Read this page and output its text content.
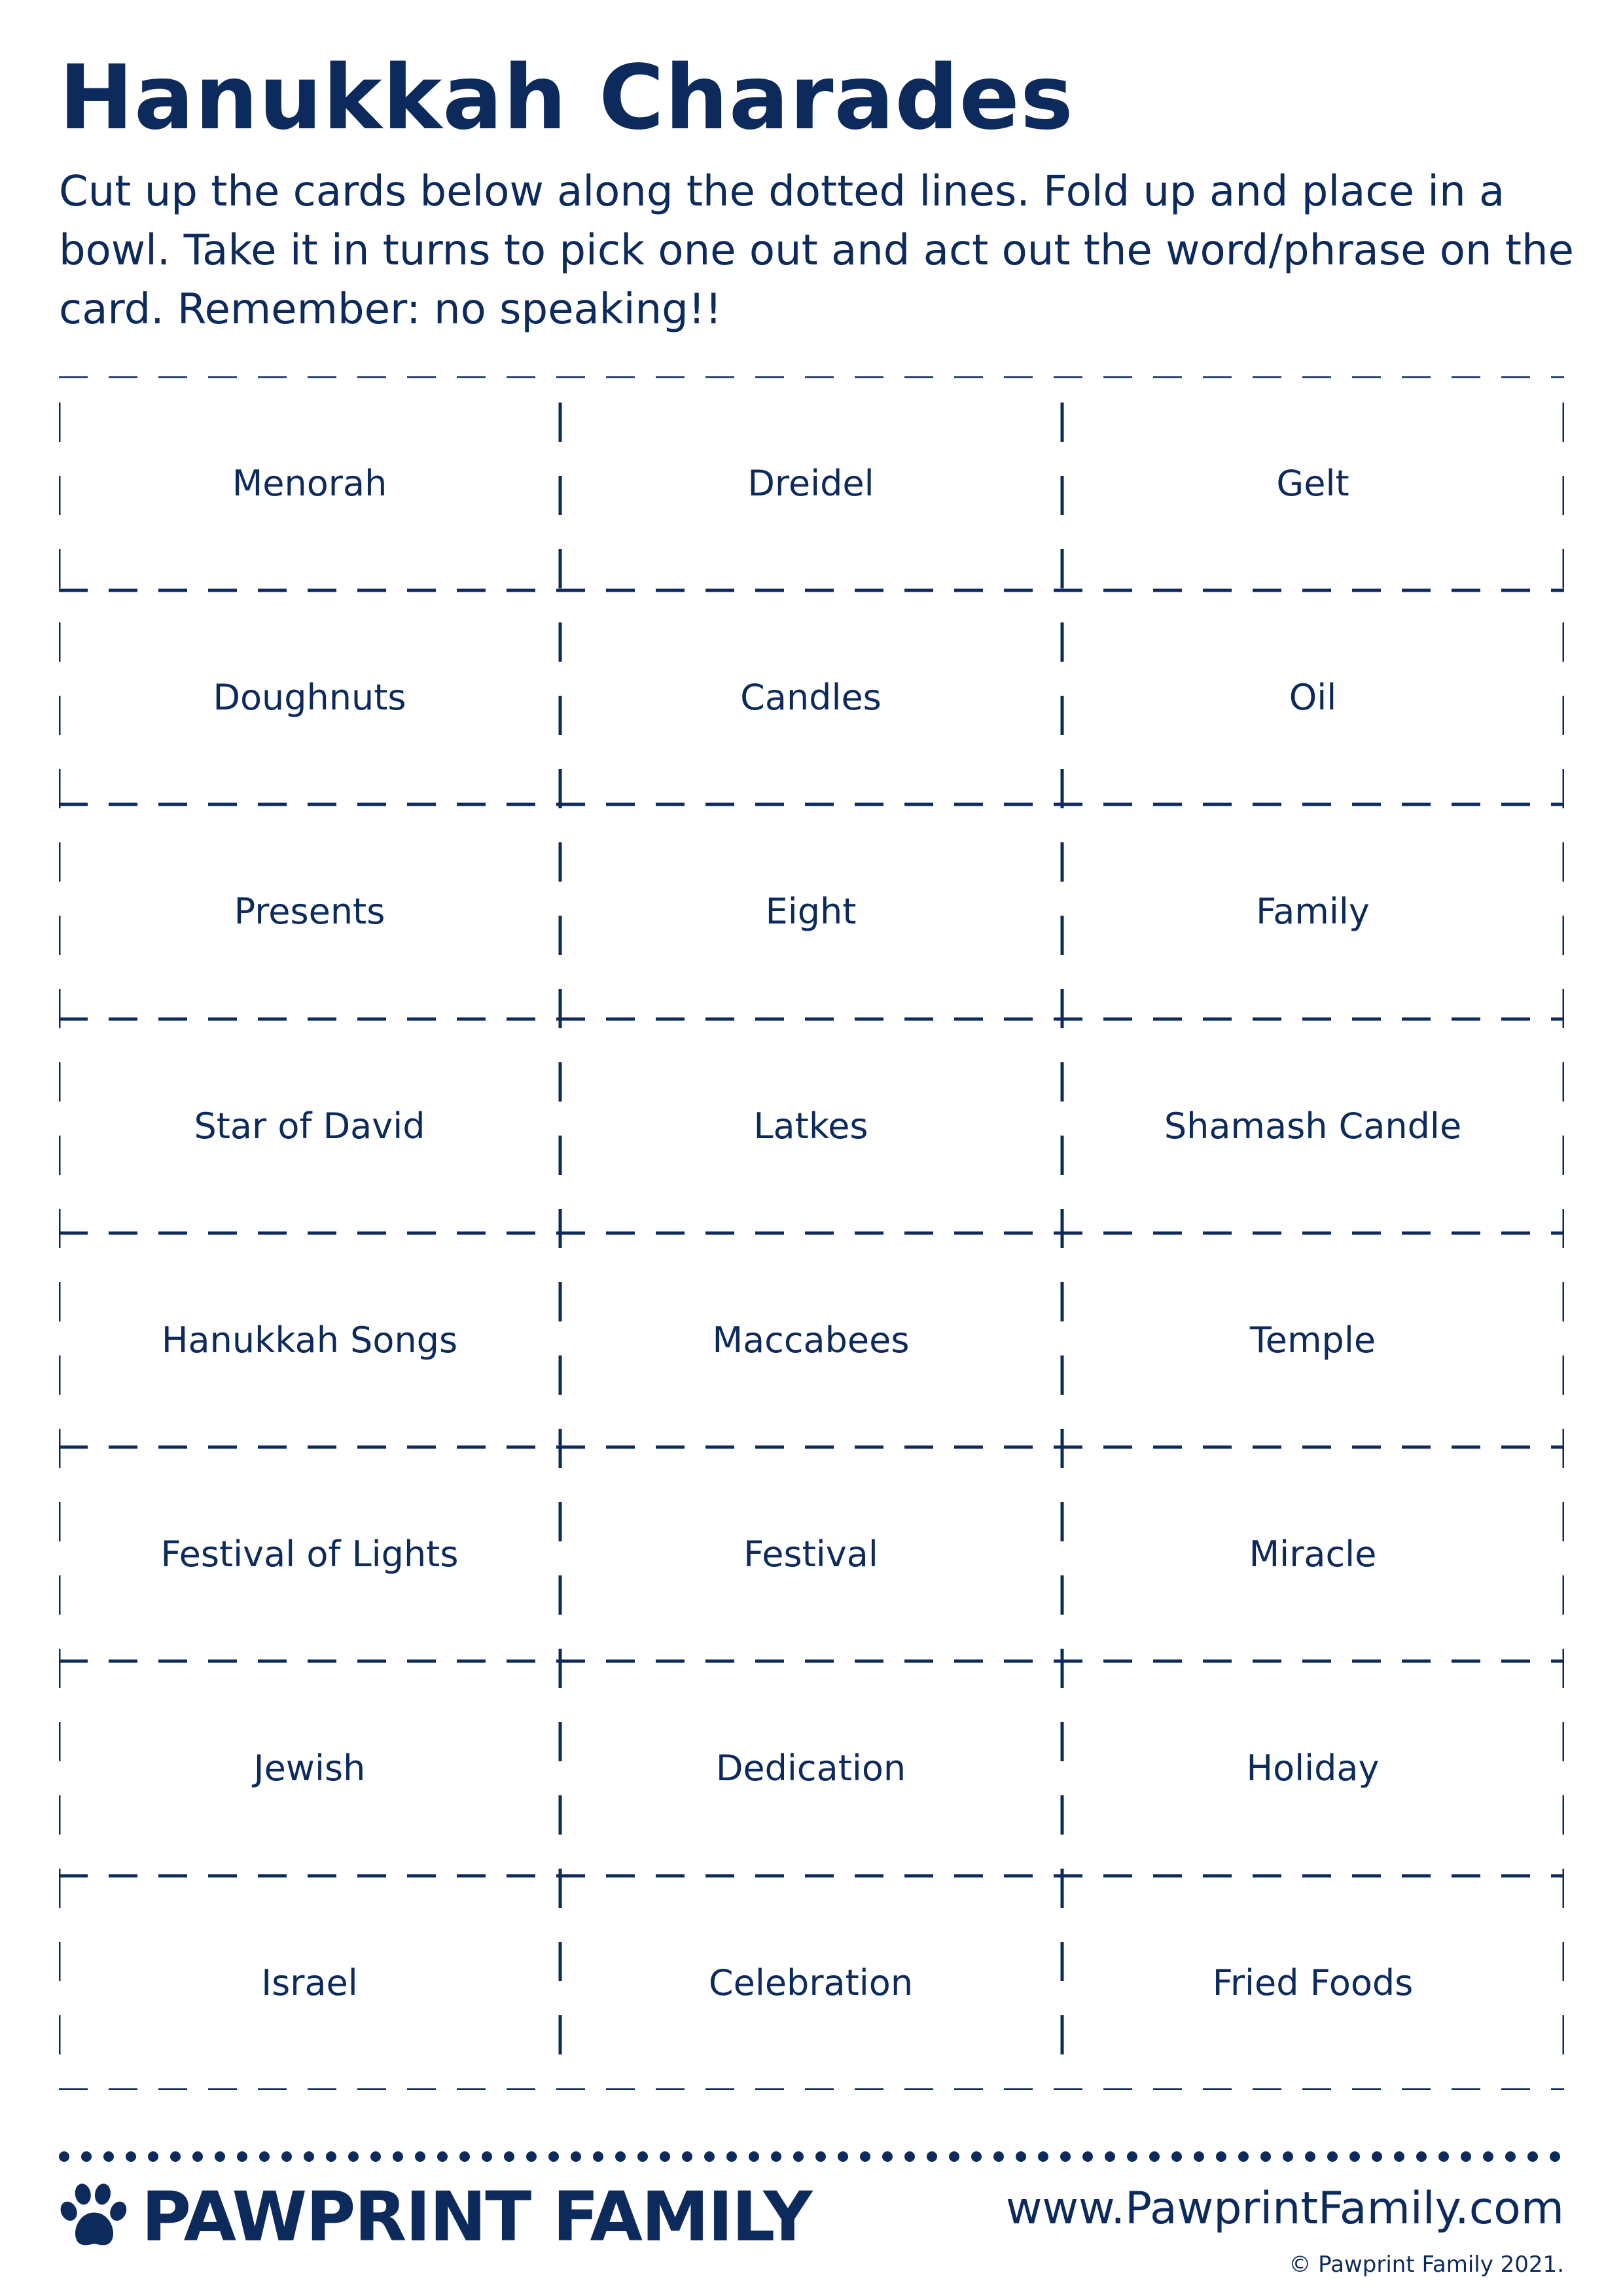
Hanukkah Charades

Cut up the cards below along the dotted lines. Fold up and place in a bowl. Take it in turns to pick one out and act out the word/phrase on the card. Remember: no speaking!!

Menorah	Dreidel	Gelt
Doughnuts	Candles	Oil
Presents	Eight	Family
Star of David	Latkes	Shamash Candle
Hanukkah Songs	Maccabees	Temple
Festival of Lights	Festival	Miracle
Jewish	Dedication	Holiday
Israel	Celebration	Fried Foods
PAWPRINT FAMILY	www.PawprintFamily.com
© Pawprint Family 2021.
